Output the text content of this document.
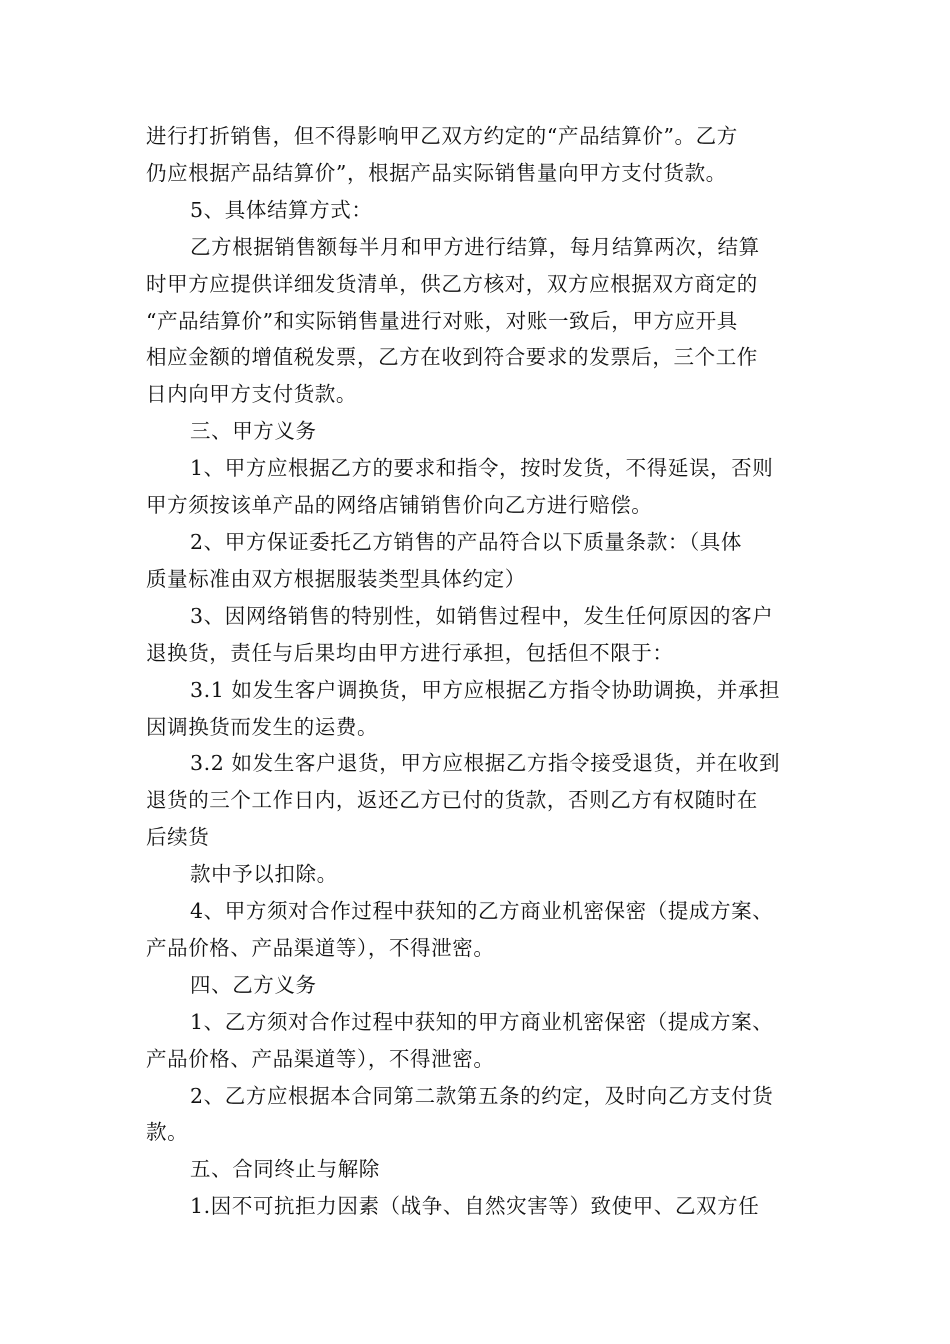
进行打折销售，但不得影响甲乙双方约定的“产品结算价”。乙方

仍应根据产品结算价”，根据产品实际销售量向甲方支付货款。

5、具体结算方式：

乙方根据销售额每半月和甲方进行结算，每月结算两次，结算

时甲方应提供详细发货清单，供乙方核对，双方应根据双方商定的

“产品结算价”和实际销售量进行对账，对账一致后，甲方应开具

相应金额的增值税发票，乙方在收到符合要求的发票后，三个工作

日内向甲方支付货款。

三、甲方义务

1、甲方应根据乙方的要求和指令，按时发货，不得延误，否则

甲方须按该单产品的网络店铺销售价向乙方进行赔偿。

2、甲方保证委托乙方销售的产品符合以下质量条款：（具体

质量标准由双方根据服装类型具体约定）

3、因网络销售的特别性，如销售过程中，发生任何原因的客户

退换货，责任与后果均由甲方进行承担，包括但不限于：

3.1 如发生客户调换货，甲方应根据乙方指令协助调换，并承担

因调换货而发生的运费。

3.2 如发生客户退货，甲方应根据乙方指令接受退货，并在收到

退货的三个工作日内，返还乙方已付的货款，否则乙方有权随时在

后续货

款中予以扣除。

4、甲方须对合作过程中获知的乙方商业机密保密（提成方案、

产品价格、产品渠道等），不得泄密。

四、乙方义务

1、乙方须对合作过程中获知的甲方商业机密保密（提成方案、

产品价格、产品渠道等），不得泄密。

2、乙方应根据本合同第二款第五条的约定，及时向乙方支付货

款。

五、合同终止与解除

1.因不可抗拒力因素（战争、自然灾害等）致使甲、乙双方任
